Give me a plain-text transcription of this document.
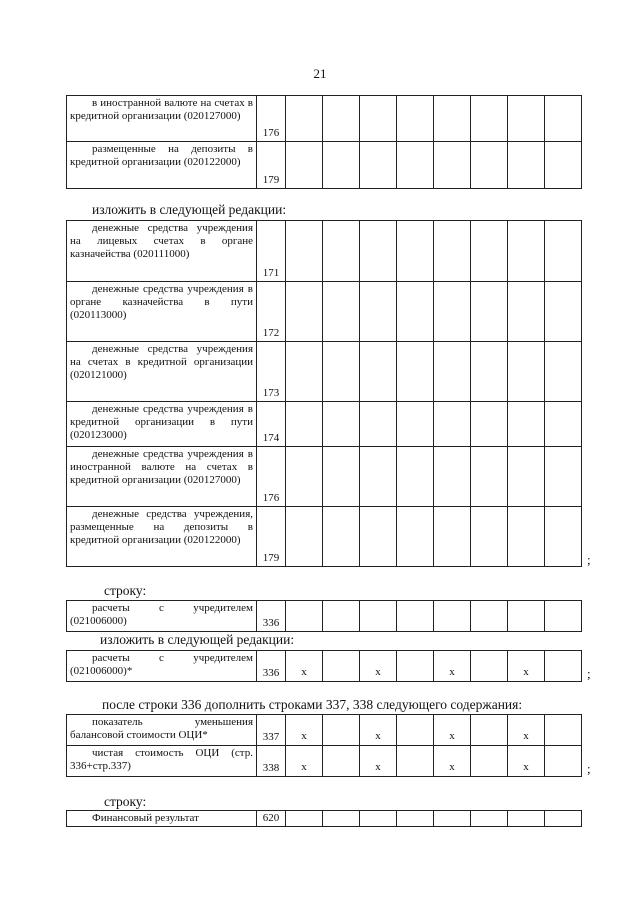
21
в иностранной валюте на счетах в кредитной организации (020127000)	176								

размещенные на депозиты в кредитной организации (020122000)	179								
изложить в следующей редакции:
денежные средства учреждения на лицевых счетах в органе казначейства (020111000)	171								

денежные средства учреждения в органе казначейства в пути (020113000)	172								

денежные средства учреждения на счетах в кредитной организации (020121000)	173								

денежные средства учреждения в кредитной организации в пути (020123000)	174								

денежные средства учреждения в иностранной валюте на счетах в кредитной организации (020127000)	176								

денежные средства учреждения, размещенные на депозиты в кредитной организации (020122000)	179									;
строку:
расчеты с учредителем (021006000)	336								
изложить в следующей редакции:
расчеты с учредителем (021006000)*	336	х		х		х		х		;
после строки 336 дополнить строками 337, 338 следующего содержания:
показатель уменьшения балансовой стоимости ОЦИ*	337	х		х		х		х	

чистая стоимость ОЦИ (стр. 336+стр.337)	338	х		х		х		х		;
строку:
Финансовый результат	620								
